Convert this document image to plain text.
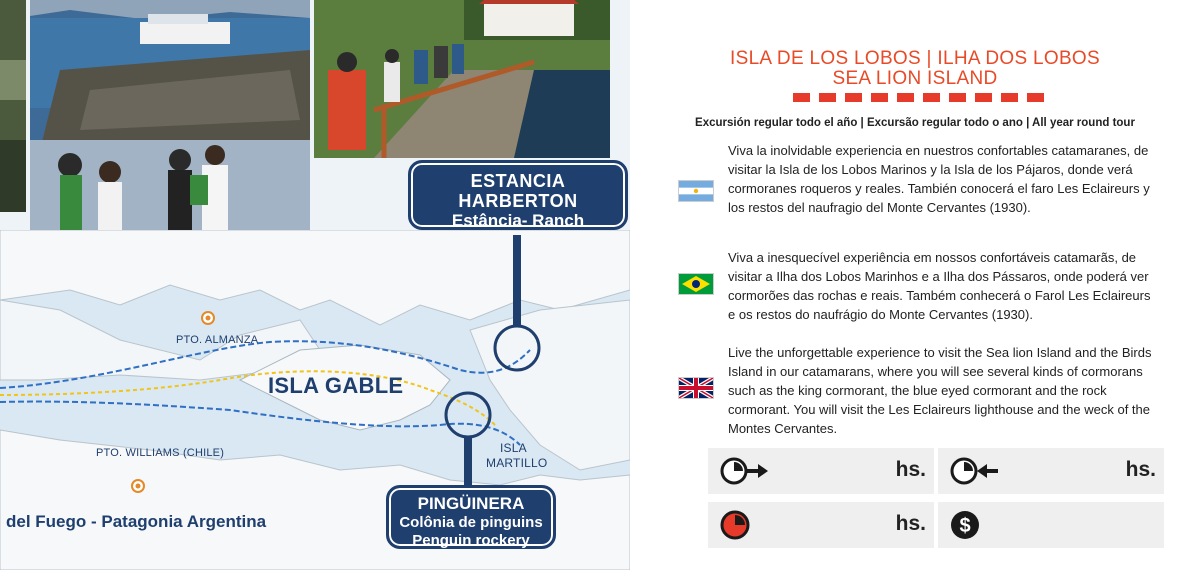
PTO. ALMANZA
ISLA GABLE
ISLA
MARTILLO
PTO. WILLIAMS (CHILE)
ESTANCIA
HARBERTON
Estância- Ranch
PINGÜINERA
Colônia de pinguins
Penguin rockery
del Fuego - Patagonia Argentina
ISLA DE LOS LOBOS | ILHA DOS LOBOS
SEA LION ISLAND
Excursión regular todo el año | Excursão regular todo o ano | All year round tour
Viva la inolvidable experiencia en nuestros confortables catamaranes, de visitar la Isla de los Lobos Marinos y la Isla de los Pájaros, donde verá cormoranes roqueros y reales. También conocerá el faro Les Eclaireurs y los restos del naufragio del Monte Cervantes (1930).
Viva a inesquecível experiência em nossos confortáveis catamarãs, de visitar a Ilha dos Lobos Marinhos e a Ilha dos Pássaros, onde poderá ver cormorões das rochas e reais. Também conhecerá o Farol Les Eclaireurs e os restos do naufrágio do Monte Cervantes (1930).
Live the unforgettable experience to visit the Sea lion Island and the Birds Island in our catamarans, where you will see several kinds of cormorans such as the king cormorant, the blue eyed cormorant and the rock cormorant. You will visit the Les Eclaireurs lighthouse and the weck of the Montes Cervantes.
hs.	hs.
hs. $
